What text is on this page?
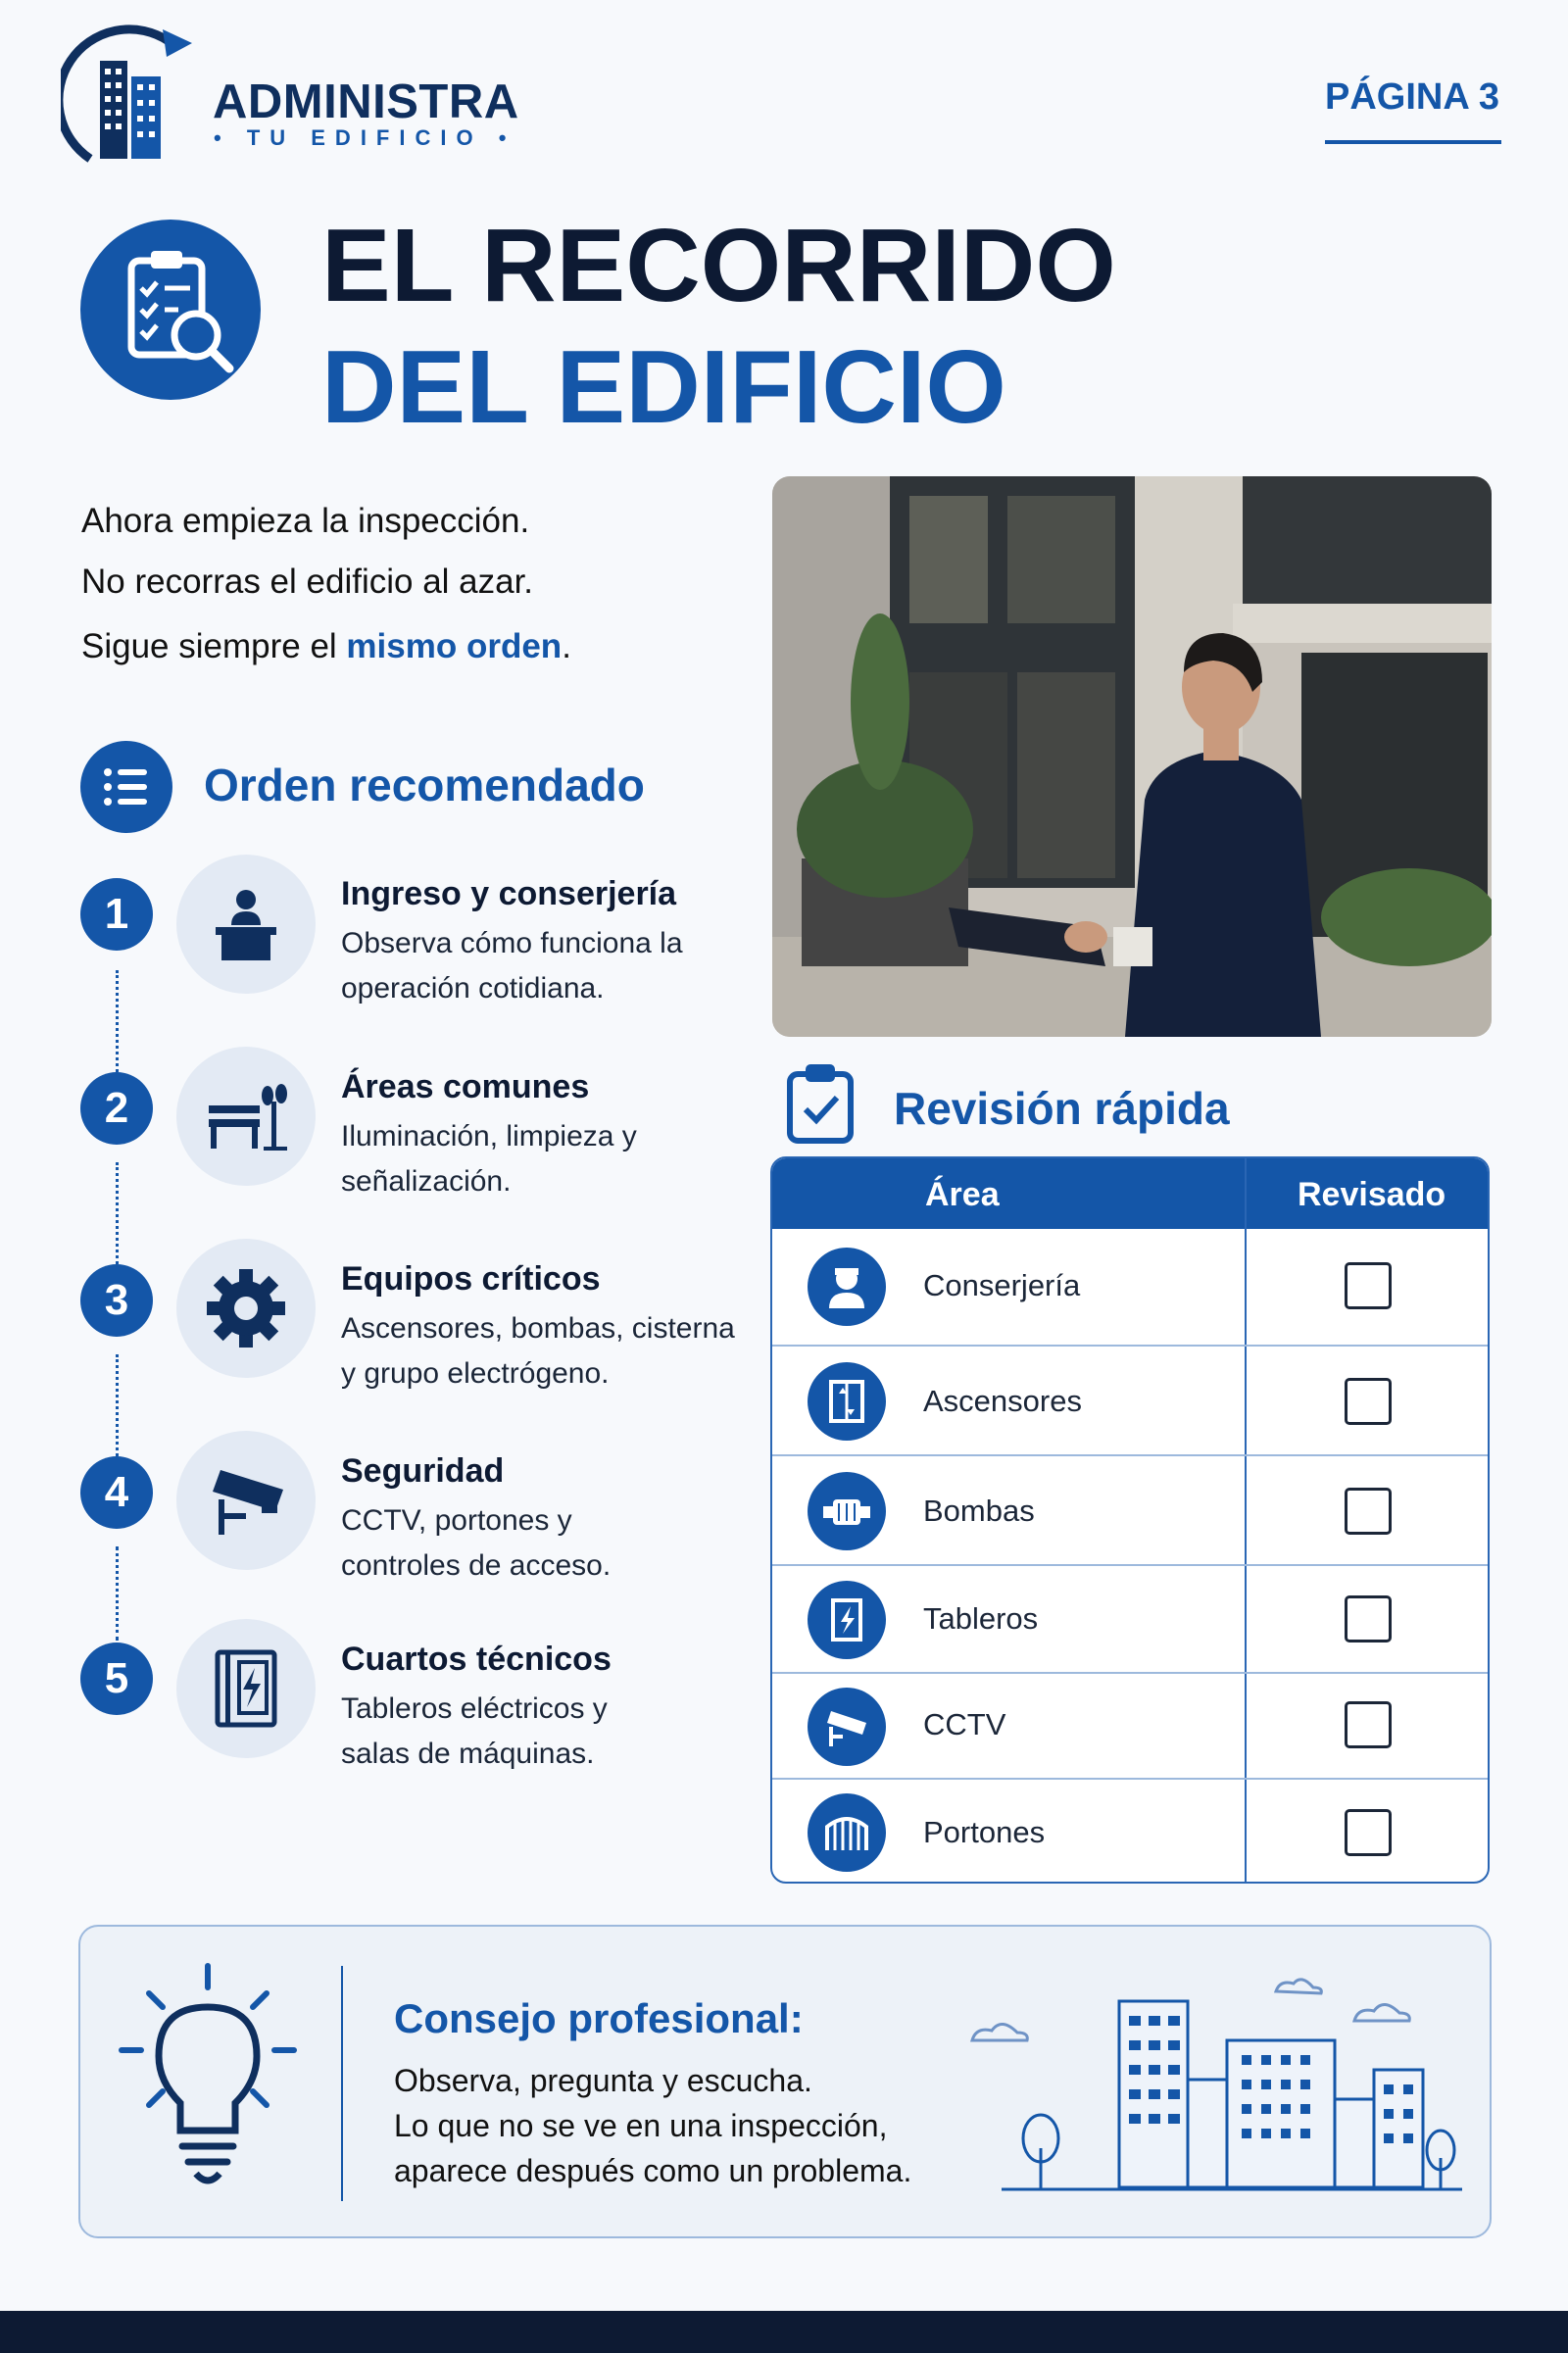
ADMINISTRA
• TU EDIFICIO •
PÁGINA 3
EL RECORRIDO
DEL EDIFICIO
Ahora empieza la inspección.
No recorras el edificio al azar.
Sigue siempre el mismo orden.
Orden recomendado
1	Ingreso y conserjería
Observa cómo funciona la operación cotidiana.
2	Áreas comunes
Iluminación, limpieza y señalización.
3	Equipos críticos
Ascensores, bombas, cisterna y grupo electrógeno.
4	Seguridad
CCTV, portones y controles de acceso.
5	Cuartos técnicos
Tableros eléctricos y salas de máquinas.
Revisión rápida
Área	Revisado
Conserjería
Ascensores
Bombas
Tableros
CCTV
Portones
Consejo profesional:
Observa, pregunta y escucha.
Lo que no se ve en una inspección,
aparece después como un problema.
